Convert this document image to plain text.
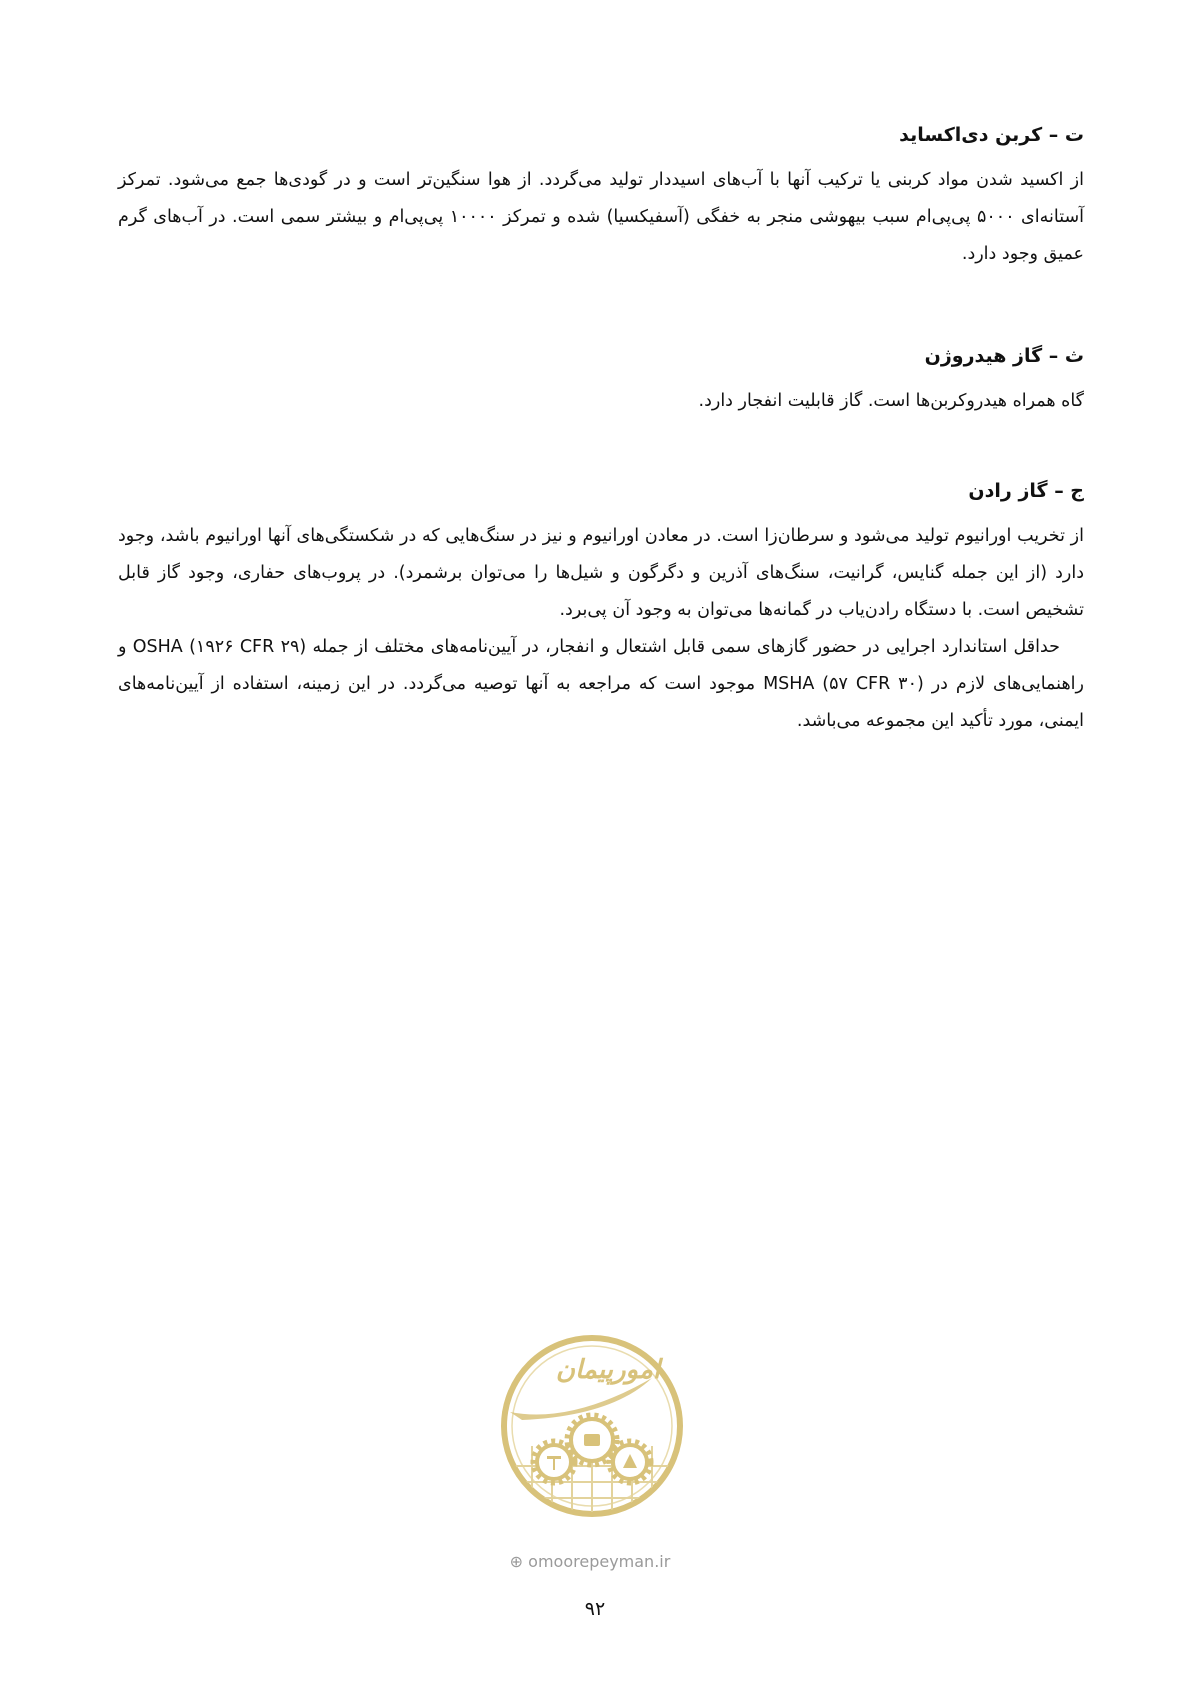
ت – کربن دی‌اکساید

از اکسید شدن مواد کربنی یا ترکیب آنها با آب‌های اسیددار تولید می‌گردد. از هوا سنگین‌تر است و در گودی‌ها جمع می‌شود. تمرکز آستانه‌ای ۵۰۰۰ پی‌پی‌ام سبب بیهوشی منجر به خفگی (آسفیکسیا) شده و تمرکز ۱۰۰۰۰ پی‌پی‌ام و بیشتر سمی است. در آب‌های گرم عمیق وجود دارد.

ث – گاز هیدروژن

گاه همراه هیدروکربن‌ها است. گاز قابلیت انفجار دارد.

ج – گاز رادن

از تخریب اورانیوم تولید می‌شود و سرطان‌زا است. در معادن اورانیوم و نیز در سنگ‌هایی که در شکستگی‌های آنها اورانیوم باشد، وجود دارد (از این جمله گنایس، گرانیت، سنگ‌های آذرین و دگرگون و شیل‌ها را می‌توان برشمرد). در پروب‌های حفاری، وجود گاز قابل تشخیص است. با دستگاه رادن‌یاب در گمانه‌ها می‌توان به وجود آن پی‌برد.

حداقل استاندارد اجرایی در حضور گازهای سمی قابل اشتعال و انفجار، در آیین‌نامه‌های مختلف از جمله OSHA (۱۹۲۶ CFR ۲۹) و راهنمایی‌های لازم در MSHA (۵۷ CFR ۳۰) موجود است که مراجعه به آنها توصیه می‌گردد. در این زمینه، استفاده از آیین‌نامه‌های ایمنی، مورد تأکید این مجموعه می‌باشد.

امورپیمان
⊕ omoorepeyman.ir
۹۲
